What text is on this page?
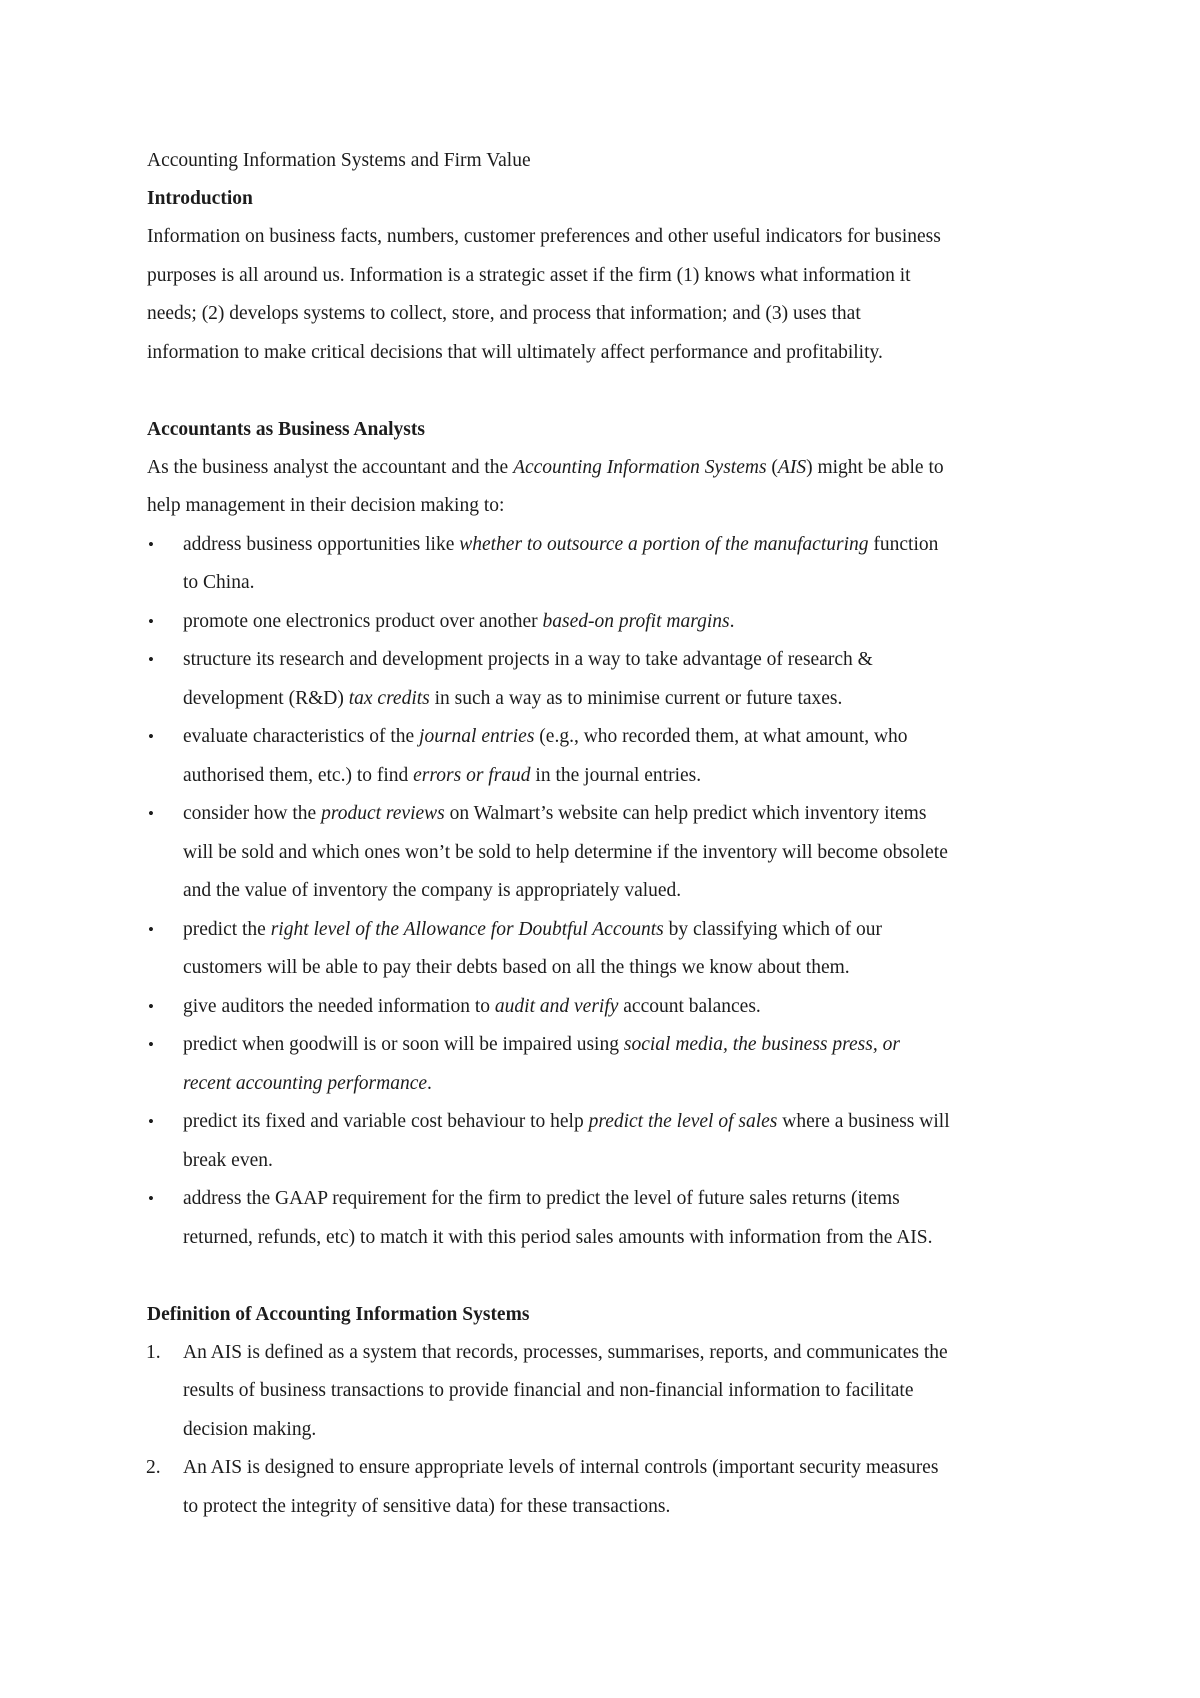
Accounting Information Systems and Firm Value
Introduction

Information on business facts, numbers, customer preferences and other useful indicators for business

purposes is all around us. Information is a strategic asset if the firm (1) knows what information it

needs; (2) develops systems to collect, store, and process that information; and (3) uses that

information to make critical decisions that will ultimately affect performance and profitability.

Accountants as Business Analysts

As the business analyst the accountant and the Accounting Information Systems (AIS) might be able to

help management in their decision making to:

•	address business opportunities like whether to outsource a portion of the manufacturing function

to China.

•	promote one electronics product over another based-on profit margins.

•	structure its research and development projects in a way to take advantage of research &

development (R&D) tax credits in such a way as to minimise current or future taxes.

•	evaluate characteristics of the journal entries (e.g., who recorded them, at what amount, who

authorised them, etc.) to find errors or fraud in the journal entries.

•	consider how the product reviews on Walmart’s website can help predict which inventory items

will be sold and which ones won’t be sold to help determine if the inventory will become obsolete

and the value of inventory the company is appropriately valued.

•	predict the right level of the Allowance for Doubtful Accounts by classifying which of our

customers will be able to pay their debts based on all the things we know about them.

•	give auditors the needed information to audit and verify account balances.

•	predict when goodwill is or soon will be impaired using social media, the business press, or

recent accounting performance.

•	predict its fixed and variable cost behaviour to help predict the level of sales where a business will

break even.

•	address the GAAP requirement for the firm to predict the level of future sales returns (items

returned, refunds, etc) to match it with this period sales amounts with information from the AIS.

Definition of Accounting Information Systems
1.	An AIS is defined as a system that records, processes, summarises, reports, and communicates the

results of business transactions to provide financial and non-financial information to facilitate

decision making.

2.	An AIS is designed to ensure appropriate levels of internal controls (important security measures

to protect the integrity of sensitive data) for these transactions.
